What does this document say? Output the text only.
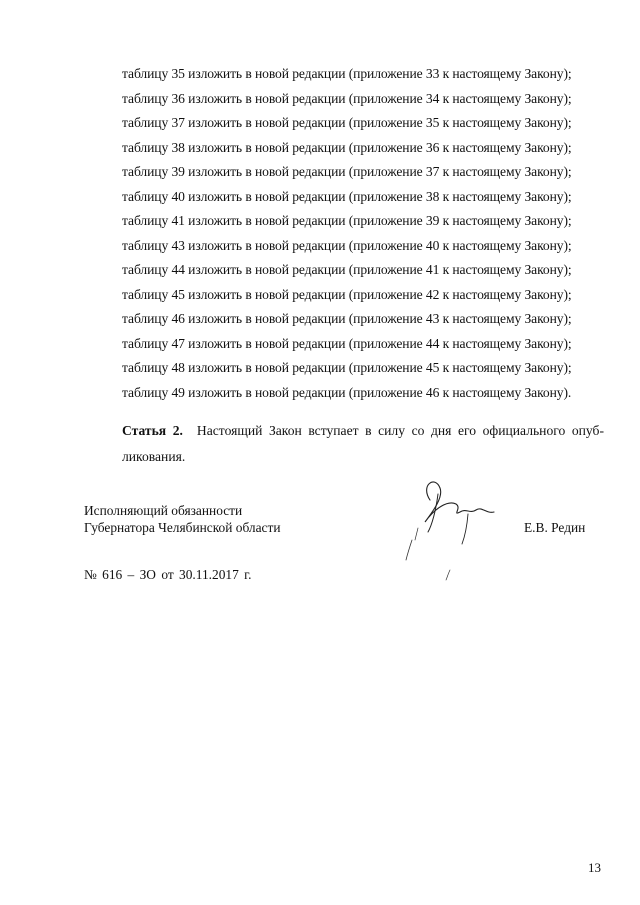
таблицу 35 изложить в новой редакции (приложение 33 к настоящему Закону);
таблицу 36 изложить в новой редакции (приложение 34 к настоящему Закону);
таблицу 37 изложить в новой редакции (приложение 35 к настоящему Закону);
таблицу 38 изложить в новой редакции (приложение 36 к настоящему Закону);
таблицу 39 изложить в новой редакции (приложение 37 к настоящему Закону);
таблицу 40 изложить в новой редакции (приложение 38 к настоящему Закону);
таблицу 41 изложить в новой редакции (приложение 39 к настоящему Закону);
таблицу 43 изложить в новой редакции (приложение 40 к настоящему Закону);
таблицу 44 изложить в новой редакции (приложение 41 к настоящему Закону);
таблицу 45 изложить в новой редакции (приложение 42 к настоящему Закону);
таблицу 46 изложить в новой редакции (приложение 43 к настоящему Закону);
таблицу 47 изложить в новой редакции (приложение 44 к настоящему Закону);
таблицу 48 изложить в новой редакции (приложение 45 к настоящему Закону);
таблицу 49 изложить в новой редакции (приложение 46 к настоящему Закону).
Статья 2. Настоящий Закон вступает в силу со дня его официального опуб-ликования.
Исполняющий обязанности
Губернатора Челябинской области	Е.В. Редин
№ 616 – ЗО от 30.11.2017 г.
13
